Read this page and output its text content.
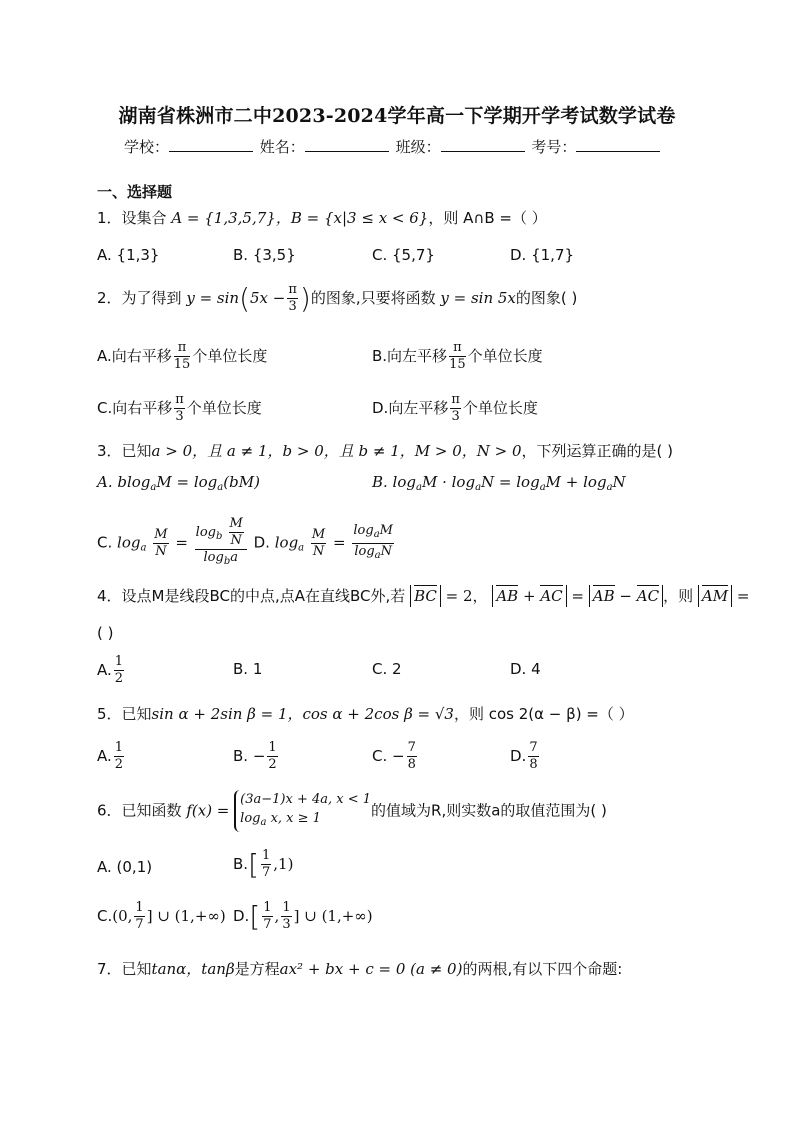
湖南省株洲市二中2023-2024学年高一下学期开学考试数学试卷
学校：	姓名：	班级：	考号：
一、选择题
1．设集合 A = {1,3,5,7}，B = {x|3 ≤ x < 6}，则 A∩B =（ ）
A. {1,3}	B. {3,5}	C. {5,7}	D. {1,7}
2．为了得到 $y = \sin(5x - \frac{\pi}{3}$ )的图象,只要将函数 y = sin 5x的图象( )
A.向右平移 $\frac{\pi}{15}$ 个单位长度	B.向左平移 $\frac{\pi}{15}$ 个单位长度
C.向右平移 $\frac{\pi}{3}$ 个单位长度	D.向左平移 $\frac{\pi}{3}$ 个单位长度
3．已知a > 0，且 a ≠ 1，b > 0，且 b ≠ 1，M > 0，N > 0，下列运算正确的是( )
A. $blog_aM = \log_a(bM)$	B. $\log_aM \cdot \log_aN = \log_aM + \log_aN$
C. $\log_a \frac{M}{N} = \frac{\log_b \frac{M}{N}}{\log_ba} D$. $\log_a \frac{M}{N} = \frac{\log_aM}{\log_aN}$
4．设点M是线段BC的中点,点A在直线BC外,若 BC = 2， AB + AC = AB − AC ，则 AM =
( )
A. $\frac{1}{2}$	B. 1	C. 2	D. 4
5．已知sin α + 2sin β = 1，cos α + 2cos β = √3，则 cos 2(α − β) =（ ）
A. $\frac{1}{2}$	B. − $\frac{1}{2}$	C. − $\frac{7}{8}$	D. $\frac{7}{8}$
6．已知函数 f(x) = (3a−1)x + 4a, x < 1
$\log_a x$, x ≥ 1	的值域为R,则实数a的取值范围为( )
A. (0,1)	$B.[ \frac{1}{7} ,1)$
C.(0, $\frac{1}{7}$ ] ∪ (1,+∞) $D.[ \frac{1}{7}$ , $\frac{1}{3}$ ] ∪ (1,+∞)
7．已知tanα，tanβ是方程ax² + bx + c = 0 (a ≠ 0)的两根,有以下四个命题:
